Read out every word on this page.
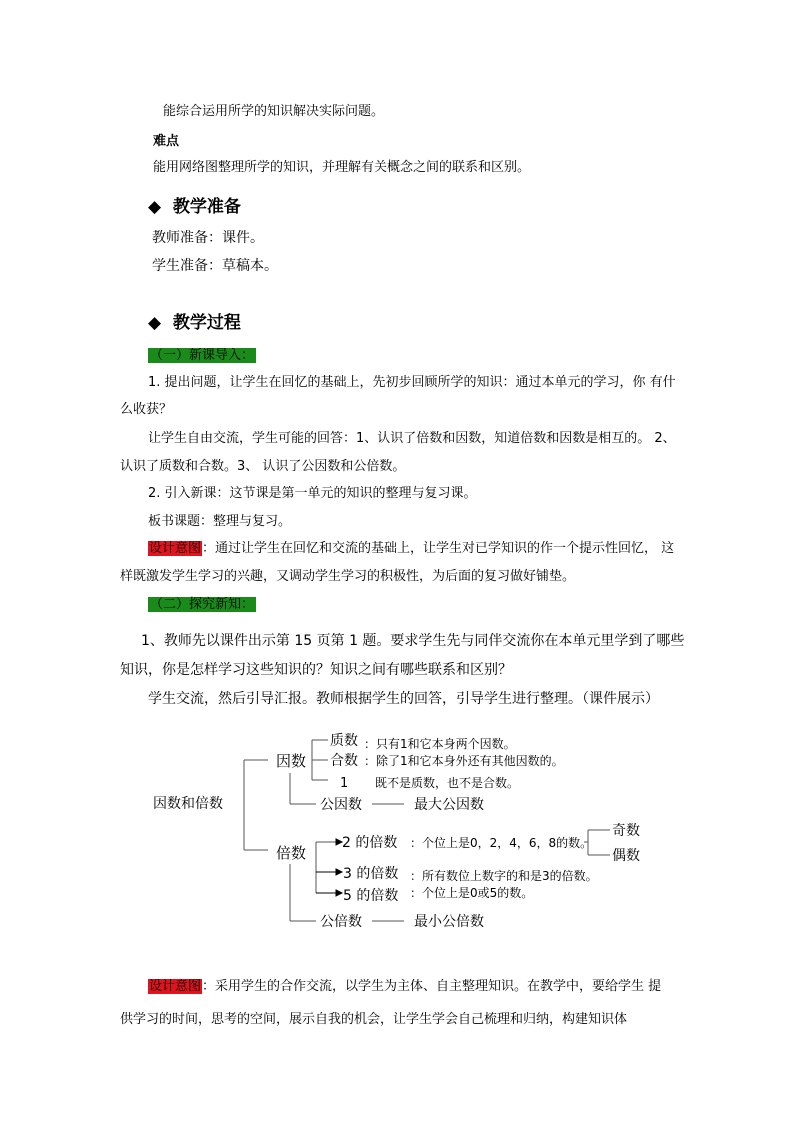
能综合运用所学的知识解决实际问题。
难点
能用网络图整理所学的知识，并理解有关概念之间的联系和区别。
◆ 教学准备
教师准备：课件。
学生准备：草稿本。
◆ 教学过程
（一）新课导入：
1. 提出问题，让学生在回忆的基础上，先初步回顾所学的知识：通过本单元的学习，你 有什
么收获？
让学生自由交流，学生可能的回答：1、认识了倍数和因数，知道倍数和因数是相互的。 2、
认识了质数和合数。3、 认识了公因数和公倍数。
2. 引入新课：这节课是第一单元的知识的整理与复习课。
板书课题：整理与复习。
设计意图：通过让学生在回忆和交流的基础上，让学生对已学知识的作一个提示性回忆， 这
样既激发学生学习的兴趣，又调动学生学习的积极性，为后面的复习做好铺垫。
（二）探究新知：
1、教师先以课件出示第 15 页第 1 题。要求学生先与同伴交流你在本单元里学到了哪些
知识，你是怎样学习这些知识的？知识之间有哪些联系和区别？
学生交流，然后引导汇报。教师根据学生的回答，引导学生进行整理。（课件展示）
因数和倍数
因数
质数 ：只有1和它本身两个因数。
合数 ：除了1和它本身外还有其他因数的。
1 既不是质数，也不是合数。
公因数	最大公因数
倍数
2 的倍数 ：个位上是0，2，4，6，8的数。
奇数
偶数
3 的倍数 ：所有数位上数字的和是3的倍数。
5 的倍数 ：个位上是0或5的数。
公倍数	最小公倍数
设计意图：采用学生的合作交流，以学生为主体、自主整理知识。在教学中，要给学生 提
供学习的时间，思考的空间，展示自我的机会，让学生学会自己梳理和归纳，构建知识体
